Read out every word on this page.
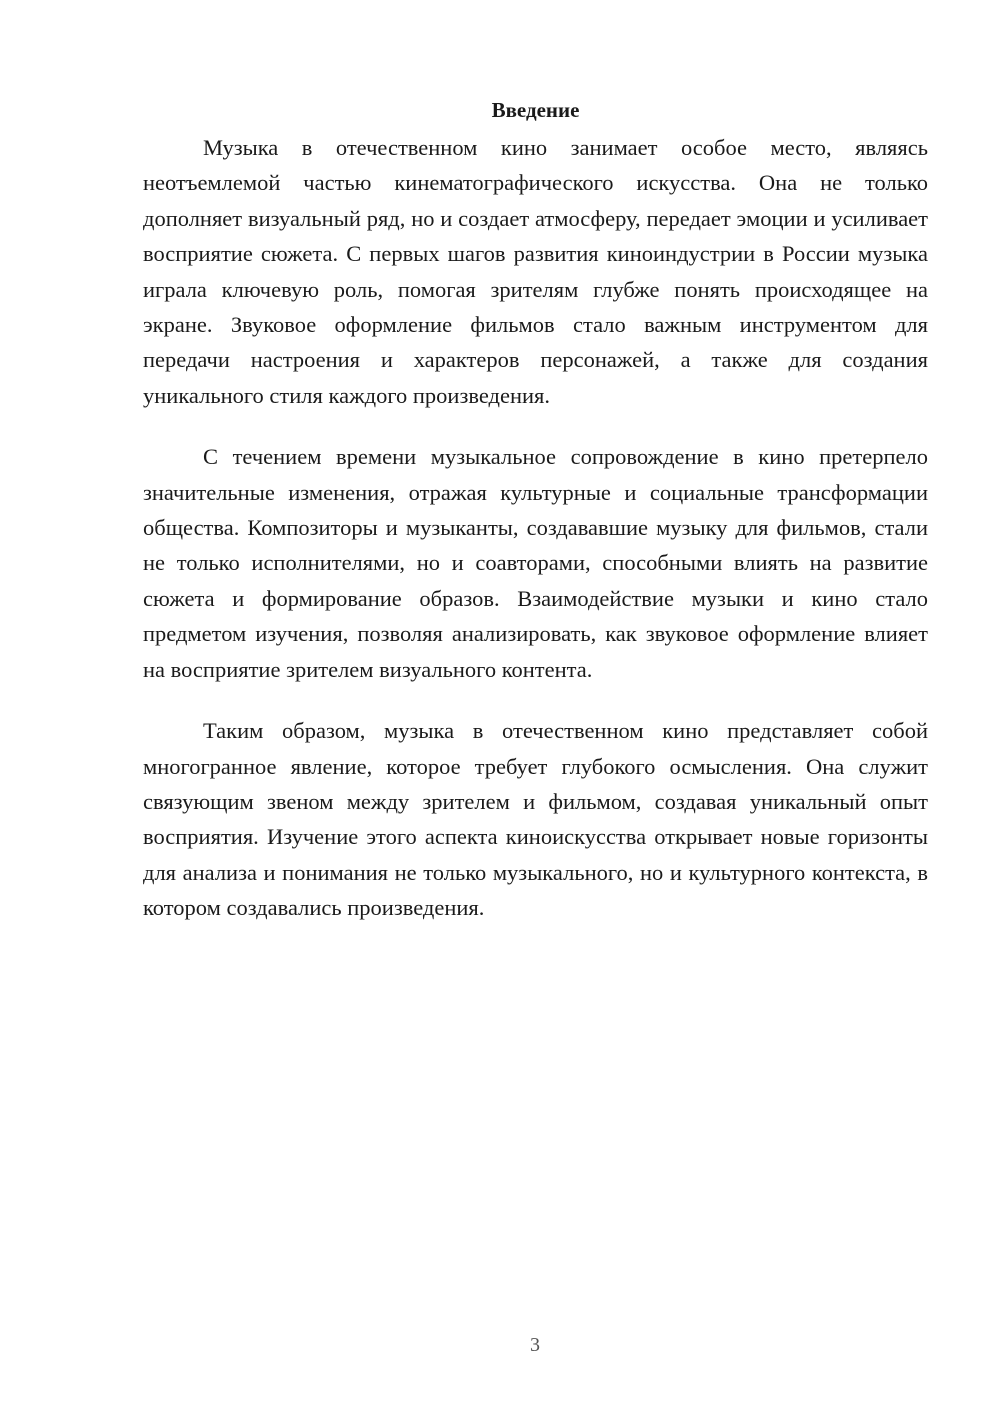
Введение

Музыка в отечественном кино занимает особое место, являясь неотъемлемой частью кинематографического искусства. Она не только дополняет визуальный ряд, но и создает атмосферу, передает эмоции и усиливает восприятие сюжета. С первых шагов развития киноиндустрии в России музыка играла ключевую роль, помогая зрителям глубже понять происходящее на экране. Звуковое оформление фильмов стало важным инструментом для передачи настроения и характеров персонажей, а также для создания уникального стиля каждого произведения.

С течением времени музыкальное сопровождение в кино претерпело значительные изменения, отражая культурные и социальные трансформации общества. Композиторы и музыканты, создававшие музыку для фильмов, стали не только исполнителями, но и соавторами, способными влиять на развитие сюжета и формирование образов. Взаимодействие музыки и кино стало предметом изучения, позволяя анализировать, как звуковое оформление влияет на восприятие зрителем визуального контента.

Таким образом, музыка в отечественном кино представляет собой многогранное явление, которое требует глубокого осмысления. Она служит связующим звеном между зрителем и фильмом, создавая уникальный опыт восприятия. Изучение этого аспекта киноискусства открывает новые горизонты для анализа и понимания не только музыкального, но и культурного контекста, в котором создавались произведения.

3
